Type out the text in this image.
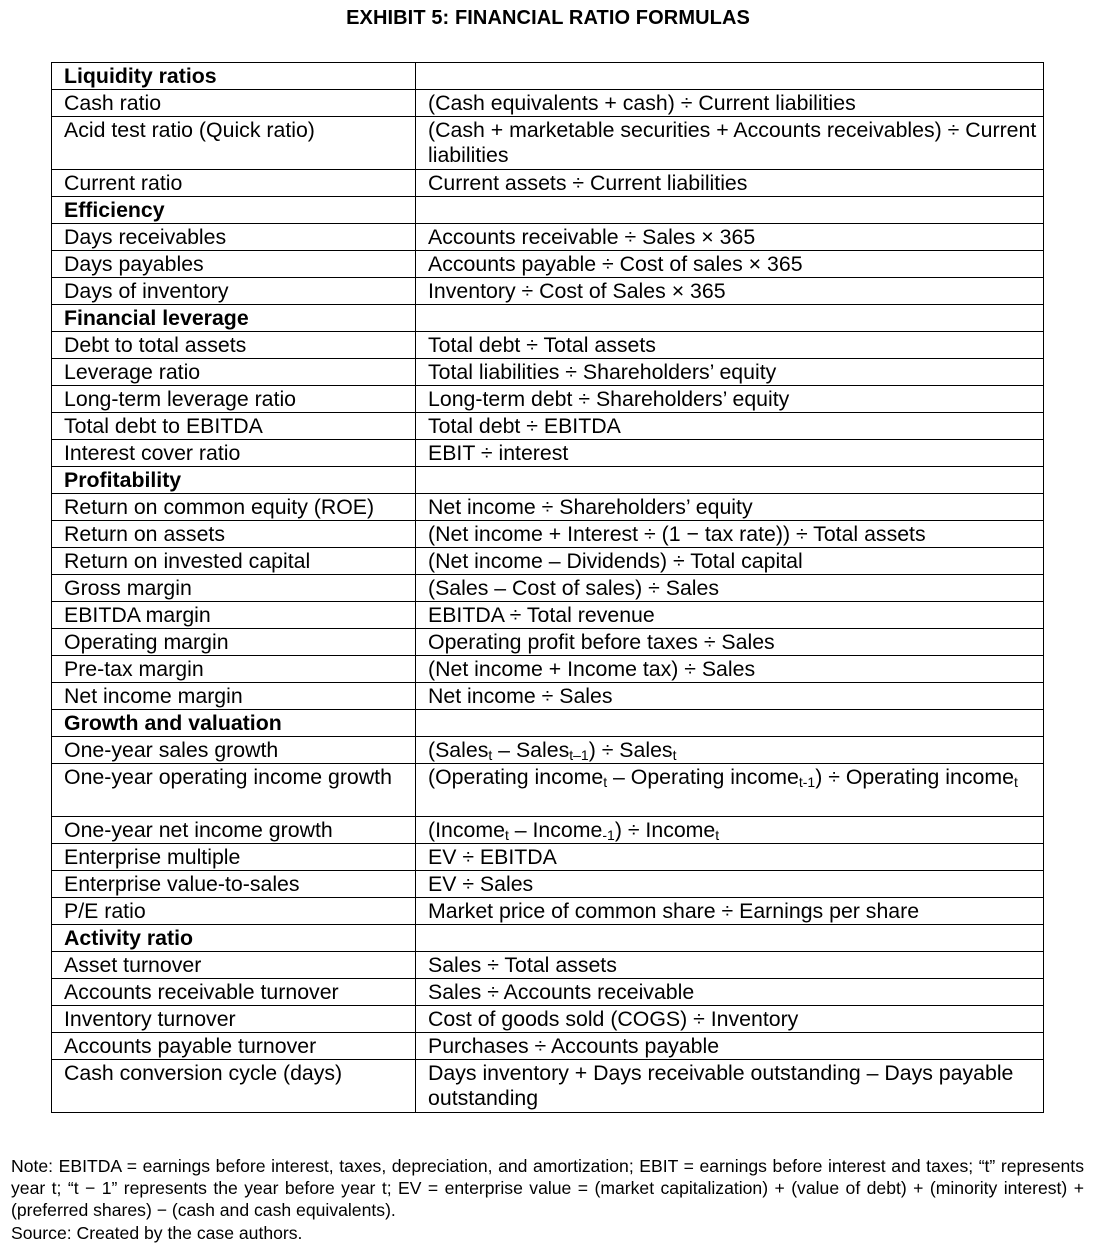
EXHIBIT 5: FINANCIAL RATIO FORMULAS
Liquidity ratios	
Cash ratio	(Cash equivalents + cash) ÷ Current liabilities
Acid test ratio (Quick ratio)	(Cash + marketable securities + Accounts receivables) ÷ Current liabilities
Current ratio	Current assets ÷ Current liabilities
Efficiency	
Days receivables	Accounts receivable ÷ Sales × 365
Days payables	Accounts payable ÷ Cost of sales × 365
Days of inventory	Inventory ÷ Cost of Sales × 365
Financial leverage	
Debt to total assets	Total debt ÷ Total assets
Leverage ratio	Total liabilities ÷ Shareholders’ equity
Long-term leverage ratio	Long-term debt ÷ Shareholders’ equity
Total debt to EBITDA	Total debt ÷ EBITDA
Interest cover ratio	EBIT ÷ interest
Profitability	
Return on common equity (ROE)	Net income ÷ Shareholders’ equity
Return on assets	(Net income + Interest ÷ (1 − tax rate)) ÷ Total assets
Return on invested capital	(Net income – Dividends) ÷ Total capital
Gross margin	(Sales – Cost of sales) ÷ Sales
EBITDA margin	EBITDA ÷ Total revenue
Operating margin	Operating profit before taxes ÷ Sales
Pre-tax margin	(Net income + Income tax) ÷ Sales
Net income margin	Net income ÷ Sales
Growth and valuation	
One-year sales growth	(Sales$_t$ – Sales$_{t-1}$) ÷ Sales$_t$
One-year operating income growth	(Operating income$_t$ – Operating income$_{t-1}$) ÷ Operating income$_t$
One-year net income growth	(Income$_t$ – Income$_{-1}$) ÷ Income$_t$
Enterprise multiple	EV ÷ EBITDA
Enterprise value-to-sales	EV ÷ Sales
P/E ratio	Market price of common share ÷ Earnings per share
Activity ratio	
Asset turnover	Sales ÷ Total assets
Accounts receivable turnover	Sales ÷ Accounts receivable
Inventory turnover	Cost of goods sold (COGS) ÷ Inventory
Accounts payable turnover	Purchases ÷ Accounts payable
Cash conversion cycle (days)	Days inventory + Days receivable outstanding – Days payable outstanding
Note: EBITDA = earnings before interest, taxes, depreciation, and amortization; EBIT = earnings before interest and taxes; “t” represents year t; “t − 1” represents the year before year t; EV = enterprise value = (market capitalization) + (value of debt) + (minority interest) + (preferred shares) − (cash and cash equivalents).
Source: Created by the case authors.
